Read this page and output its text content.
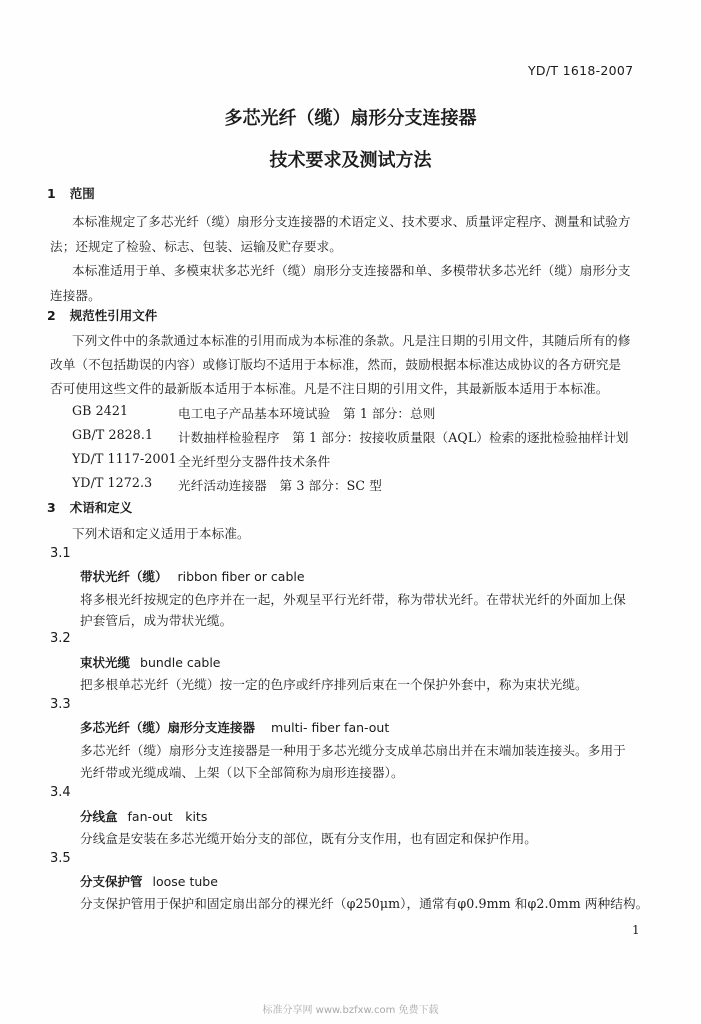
YD/T 1618-2007
多芯光纤（缆）扇形分支连接器
技术要求及测试方法
1 范围
本标准规定了多芯光纤（缆）扇形分支连接器的术语定义、技术要求、质量评定程序、测量和试验方
法；还规定了检验、标志、包装、运输及贮存要求。
本标准适用于单、多模束状多芯光纤（缆）扇形分支连接器和单、多模带状多芯光纤（缆）扇形分支
连接器。
2 规范性引用文件
下列文件中的条款通过本标准的引用而成为本标准的条款。凡是注日期的引用文件，其随后所有的修
改单（不包括勘误的内容）或修订版均不适用于本标准，然而，鼓励根据本标准达成协议的各方研究是
否可使用这些文件的最新版本适用于本标准。凡是不注日期的引用文件，其最新版本适用于本标准。
GB 2421	电工电子产品基本环境试验　第 1 部分：总则
GB/T 2828.1 计数抽样检验程序　第 1 部分：按接收质量限（AQL）检索的逐批检验抽样计划
YD/T 1117-2001 全光纤型分支器件技术条件
YD/T 1272.3 光纤活动连接器　第 3 部分：SC 型
3 术语和定义
下列术语和定义适用于本标准。
3.1
带状光纤（缆） ribbon fiber or cable
将多根光纤按规定的色序并在一起，外观呈平行光纤带，称为带状光纤。在带状光纤的外面加上保
护套管后，成为带状光缆。
3.2
束状光缆 bundle cable
把多根单芯光纤（光缆）按一定的色序或纤序排列后束在一个保护外套中，称为束状光缆。
3.3
多芯光纤（缆）扇形分支连接器 multi- fiber fan-out
多芯光纤（缆）扇形分支连接器是一种用于多芯光缆分支成单芯扇出并在末端加装连接头。多用于
光纤带或光缆成端、上架（以下全部简称为扇形连接器）。
3.4
分线盒 fan-out　kits
分线盒是安装在多芯光缆开始分支的部位，既有分支作用，也有固定和保护作用。
3.5
分支保护管 loose tube
分支保护管用于保护和固定扇出部分的裸光纤（φ250μm），通常有φ0.9mm 和φ2.0mm 两种结构。
1
标准分享网 www.bzfxw.com 免费下载
